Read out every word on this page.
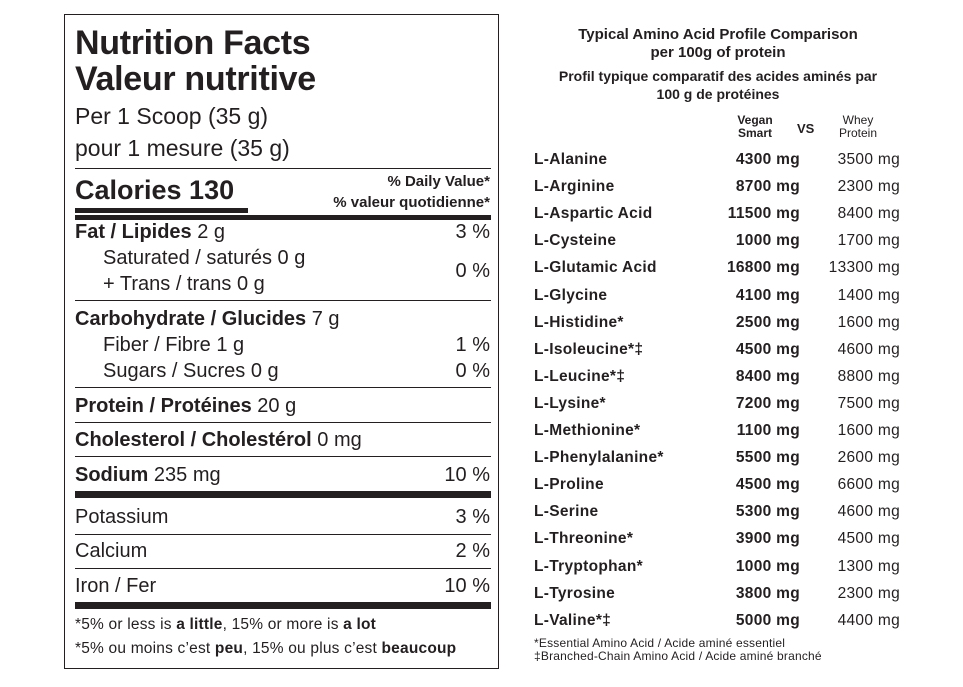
Nutrition Facts
Valeur nutritive
Per 1 Scoop (35 g)
pour 1 mesure (35 g)
Calories 130	% Daily Value*
% valeur quotidienne*
Fat / Lipides 2 g	3 %
Saturated / saturés 0 g
+ Trans / trans 0 g
0 %
Carbohydrate / Glucides 7 g
Fiber / Fibre 1 g	1 %
Sugars / Sucres 0 g	0 %
Protein / Protéines 20 g
Cholesterol / Cholestérol 0 mg
Sodium 235 mg	10 %
Potassium	3 %
Calcium	2 %
Iron / Fer	10 %
*5% or less is a little, 15% or more is a lot
*5% ou moins c’est peu, 15% ou plus c’est beaucoup
Typical Amino Acid Profile Comparison
per 100g of protein
Profil typique comparatif des acides aminés par
100 g de protéines
Vegan
Smart	VS
Whey
Protein
L-Alanine	4300 mg 3500 mg
L-Arginine	8700 mg 2300 mg
L-Aspartic Acid	11500 mg 8400 mg
L-Cysteine	1000 mg 1700 mg
L-Glutamic Acid	16800 mg 13300 mg
L-Glycine	4100 mg 1400 mg
L-Histidine*	2500 mg 1600 mg
L-Isoleucine*‡	4500 mg 4600 mg
L-Leucine*‡	8400 mg 8800 mg
L-Lysine*	7200 mg 7500 mg
L-Methionine*	1100 mg 1600 mg
L-Phenylalanine*	5500 mg 2600 mg
L-Proline	4500 mg 6600 mg
L-Serine	5300 mg 4600 mg
L-Threonine*	3900 mg 4500 mg
L-Tryptophan*	1000 mg 1300 mg
L-Tyrosine	3800 mg 2300 mg
L-Valine*‡	5000 mg 4400 mg
*Essential Amino Acid / Acide aminé essentiel
‡Branched-Chain Amino Acid / Acide aminé branché
